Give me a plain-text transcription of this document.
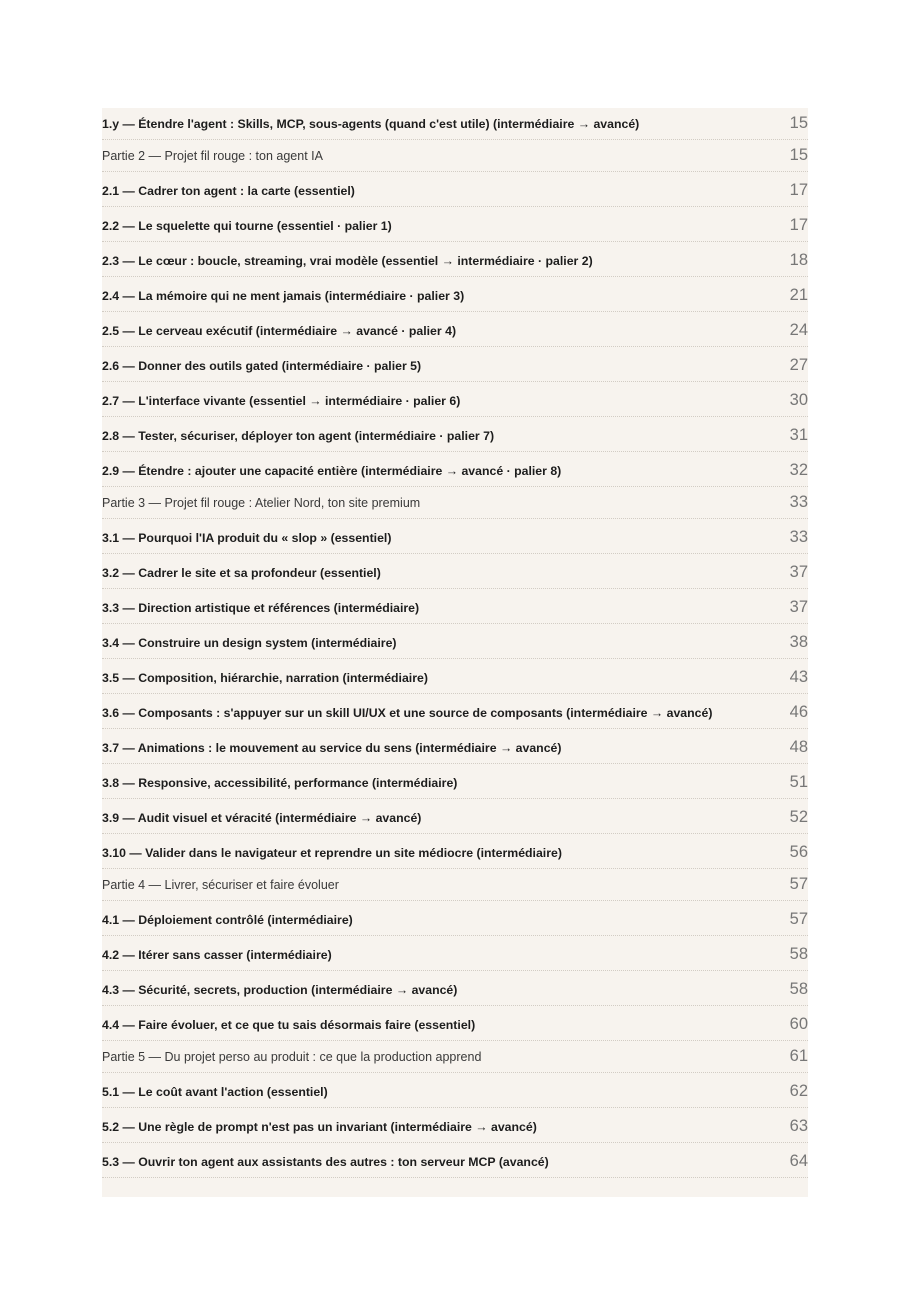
1.y — Étendre l'agent : Skills, MCP, sous-agents (quand c'est utile) (intermédiaire → avancé)	15
Partie 2 — Projet fil rouge : ton agent IA	15
2.1 — Cadrer ton agent : la carte (essentiel)	17
2.2 — Le squelette qui tourne (essentiel · palier 1)	17
2.3 — Le cœur : boucle, streaming, vrai modèle (essentiel → intermédiaire · palier 2)	18
2.4 — La mémoire qui ne ment jamais (intermédiaire · palier 3)	21
2.5 — Le cerveau exécutif (intermédiaire → avancé · palier 4)	24
2.6 — Donner des outils gated (intermédiaire · palier 5)	27
2.7 — L'interface vivante (essentiel → intermédiaire · palier 6)	30
2.8 — Tester, sécuriser, déployer ton agent (intermédiaire · palier 7)	31
2.9 — Étendre : ajouter une capacité entière (intermédiaire → avancé · palier 8)	32
Partie 3 — Projet fil rouge : Atelier Nord, ton site premium	33
3.1 — Pourquoi l'IA produit du « slop » (essentiel)	33
3.2 — Cadrer le site et sa profondeur (essentiel)	37
3.3 — Direction artistique et références (intermédiaire)	37
3.4 — Construire un design system (intermédiaire)	38
3.5 — Composition, hiérarchie, narration (intermédiaire)	43
3.6 — Composants : s'appuyer sur un skill UI/UX et une source de composants (intermédiaire → avancé)	46
3.7 — Animations : le mouvement au service du sens (intermédiaire → avancé)	48
3.8 — Responsive, accessibilité, performance (intermédiaire)	51
3.9 — Audit visuel et véracité (intermédiaire → avancé)	52
3.10 — Valider dans le navigateur et reprendre un site médiocre (intermédiaire)	56
Partie 4 — Livrer, sécuriser et faire évoluer	57
4.1 — Déploiement contrôlé (intermédiaire)	57
4.2 — Itérer sans casser (intermédiaire)	58
4.3 — Sécurité, secrets, production (intermédiaire → avancé)	58
4.4 — Faire évoluer, et ce que tu sais désormais faire (essentiel)	60
Partie 5 — Du projet perso au produit : ce que la production apprend	61
5.1 — Le coût avant l'action (essentiel)	62
5.2 — Une règle de prompt n'est pas un invariant (intermédiaire → avancé)	63
5.3 — Ouvrir ton agent aux assistants des autres : ton serveur MCP (avancé)	64
